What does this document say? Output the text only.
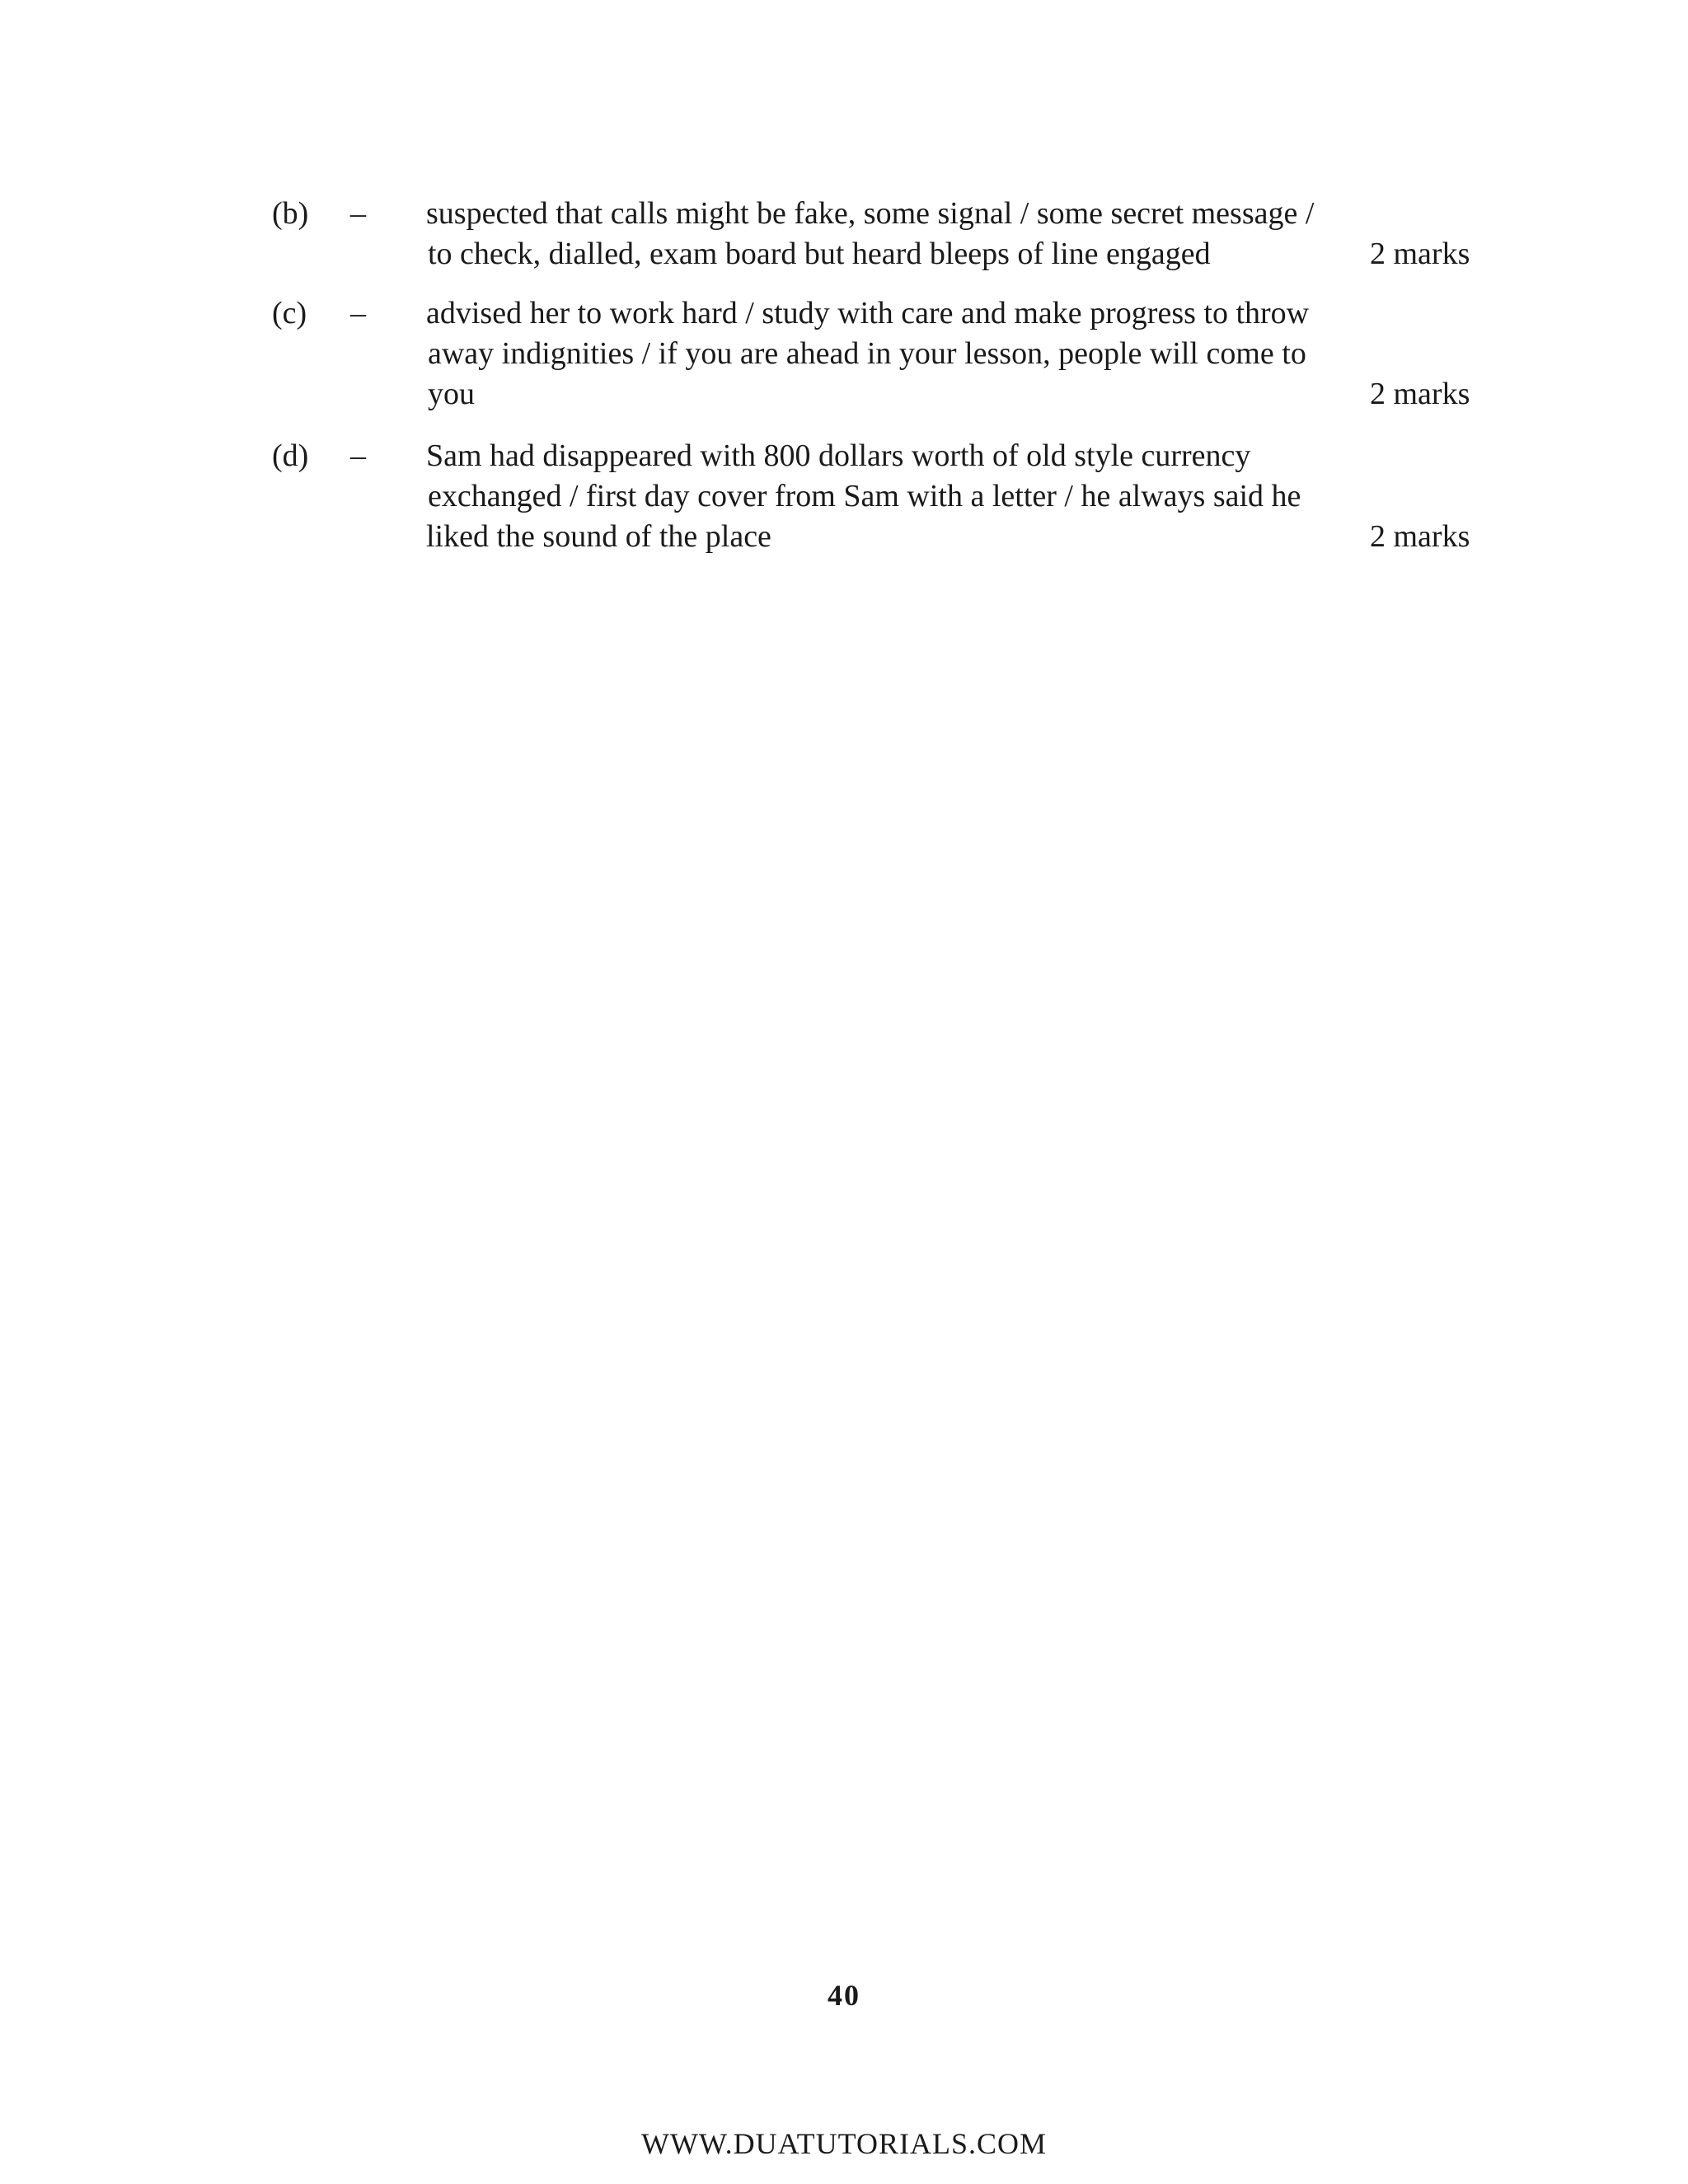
(b) – suspected that calls might be fake, some signal / some secret message /
to check, dialled, exam board but heard bleeps of line engaged	2 marks
(c) – advised her to work hard / study with care and make progress to throw
away indignities / if you are ahead in your lesson, people will come to
you	2 marks
(d) – Sam had disappeared with 800 dollars worth of old style currency
exchanged / first day cover from Sam with a letter / he always said he
liked the sound of the place	2 marks
40
WWW.DUATUTORIALS.COM
